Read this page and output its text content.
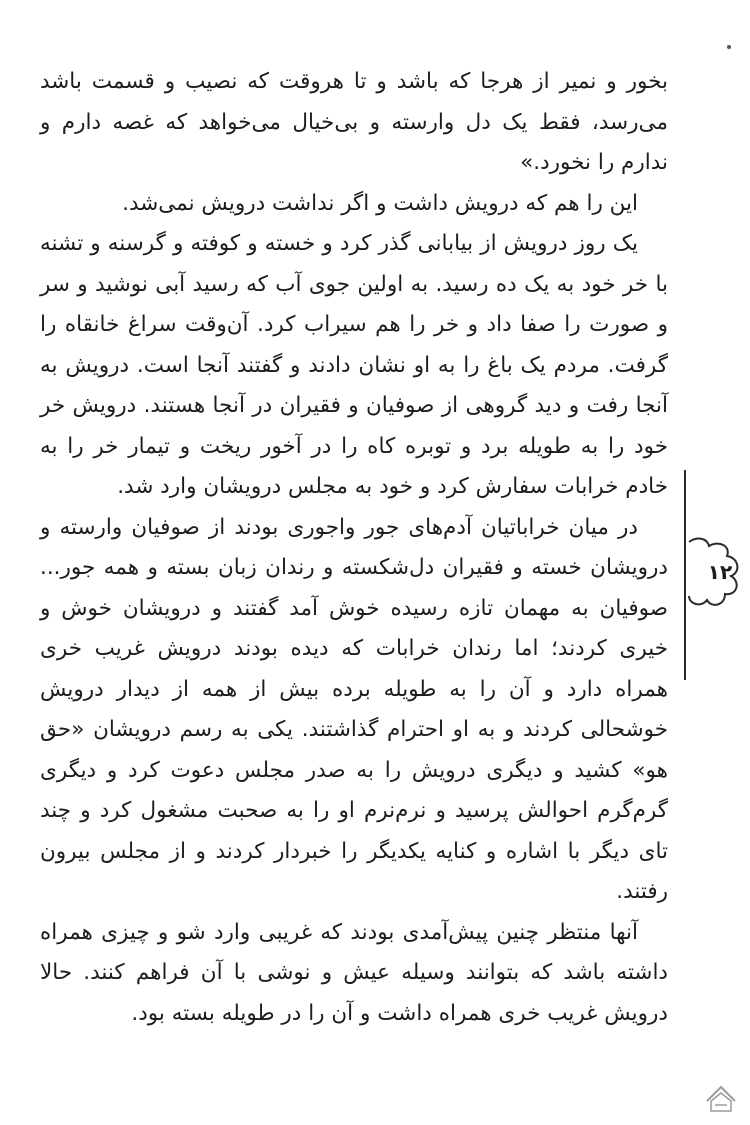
بخور و نمیر از هرجا که باشد و تا هروقت که نصیب و قسمت باشد می‌رسد، فقط یک دل وارسته و بی‌خیال می‌خواهد که غصه دارم و ندارم را نخورد.»

این را هم که درویش داشت و اگر نداشت درویش نمی‌شد.

یک روز درویش از بیابانی گذر کرد و خسته و کوفته و گرسنه و تشنه با خر خود به یک ده رسید. به اولین جوی آب که رسید آبی نوشید و سر و صورت را صفا داد و خر را هم سیراب کرد. آن‌وقت سراغ خانقاه را گرفت. مردم یک باغ را به او نشان دادند و گفتند آنجا است. درویش به آنجا رفت و دید گروهی از صوفیان و فقیران در آنجا هستند. درویش خر خود را به طویله برد و توبره کاه را در آخور ریخت و تیمار خر را به خادم خرابات سفارش کرد و خود به مجلس درویشان وارد شد.

در میان خراباتیان آدم‌های جور واجوری بودند از صوفیان وارسته و درویشان خسته و فقیران دل‌شکسته و رندان زبان بسته و همه جور... صوفیان به مهمان تازه رسیده خوش آمد گفتند و درویشان خوش و خیری کردند؛ اما رندان خرابات که دیده بودند درویش غریب خری همراه دارد و آن را به طویله برده بیش از همه از دیدار درویش خوشحالی کردند و به او احترام گذاشتند. یکی به رسم درویشان «حق هو» کشید و دیگری درویش را به صدر مجلس دعوت کرد و دیگری گرم‌گرم احوالش پرسید و نرم‌نرم او را به صحبت مشغول کرد و چند تای دیگر با اشاره و کنایه یکدیگر را خبردار کردند و از مجلس بیرون رفتند.

آنها منتظر چنین پیش‌آمدی بودند که غریبی وارد شو و چیزی همراه داشته باشد که بتوانند وسیله عیش و نوشی با آن فراهم کنند. حالا درویش غریب خری همراه داشت و آن را در طویله بسته بود.

۱۲
